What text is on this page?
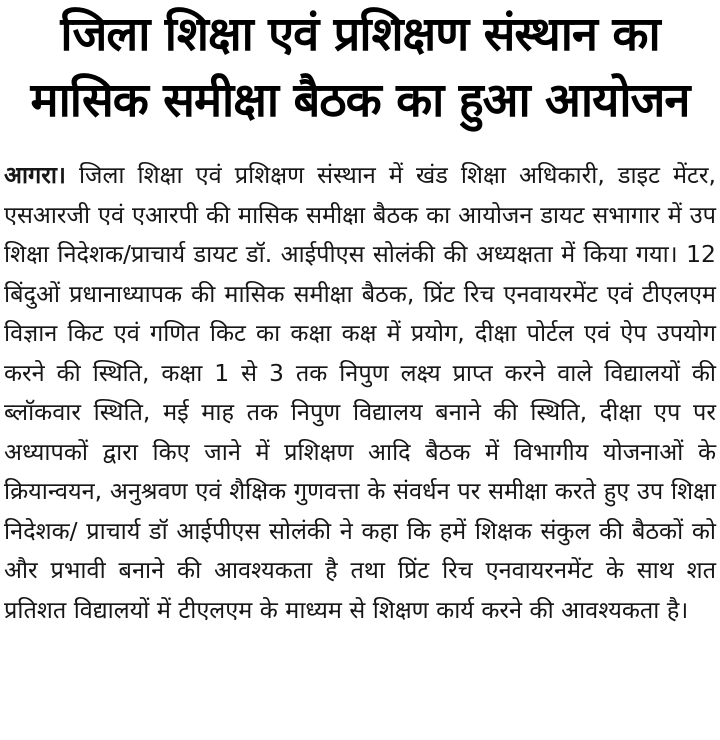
जिला शिक्षा एवं प्रशिक्षण संस्थान का
मासिक समीक्षा बैठक का हुआ आयोजन

आगरा। जिला शिक्षा एवं प्रशिक्षण संस्थान में खंड शिक्षा अधिकारी, डाइट मेंटर, एसआरजी एवं एआरपी की मासिक समीक्षा बैठक का आयोजन डायट सभागार में उप शिक्षा निदेशक/प्राचार्य डायट डॉ. आईपीएस सोलंकी की अध्यक्षता में किया गया। 12 बिंदुओं प्रधानाध्यापक की मासिक समीक्षा बैठक, प्रिंट रिच एनवायरमेंट एवं टीएलएम विज्ञान किट एवं गणित किट का कक्षा कक्ष में प्रयोग, दीक्षा पोर्टल एवं ऐप उपयोग करने की स्थिति, कक्षा 1 से 3 तक निपुण लक्ष्य प्राप्त करने वाले विद्यालयों की ब्लॉकवार स्थिति, मई माह तक निपुण विद्यालय बनाने की स्थिति, दीक्षा एप पर अध्यापकों द्वारा किए जाने में प्रशिक्षण आदि बैठक में विभागीय योजनाओं के क्रियान्वयन, अनुश्रवण एवं शैक्षिक गुणवत्ता के संवर्धन पर समीक्षा करते हुए उप शिक्षा निदेशक/ प्राचार्य डॉ आईपीएस सोलंकी ने कहा कि हमें शिक्षक संकुल की बैठकों को और प्रभावी बनाने की आवश्यकता है तथा प्रिंट रिच एनवायरनमेंट के साथ शत प्रतिशत विद्यालयों में टीएलएम के माध्यम से शिक्षण कार्य करने की आवश्यकता है।
